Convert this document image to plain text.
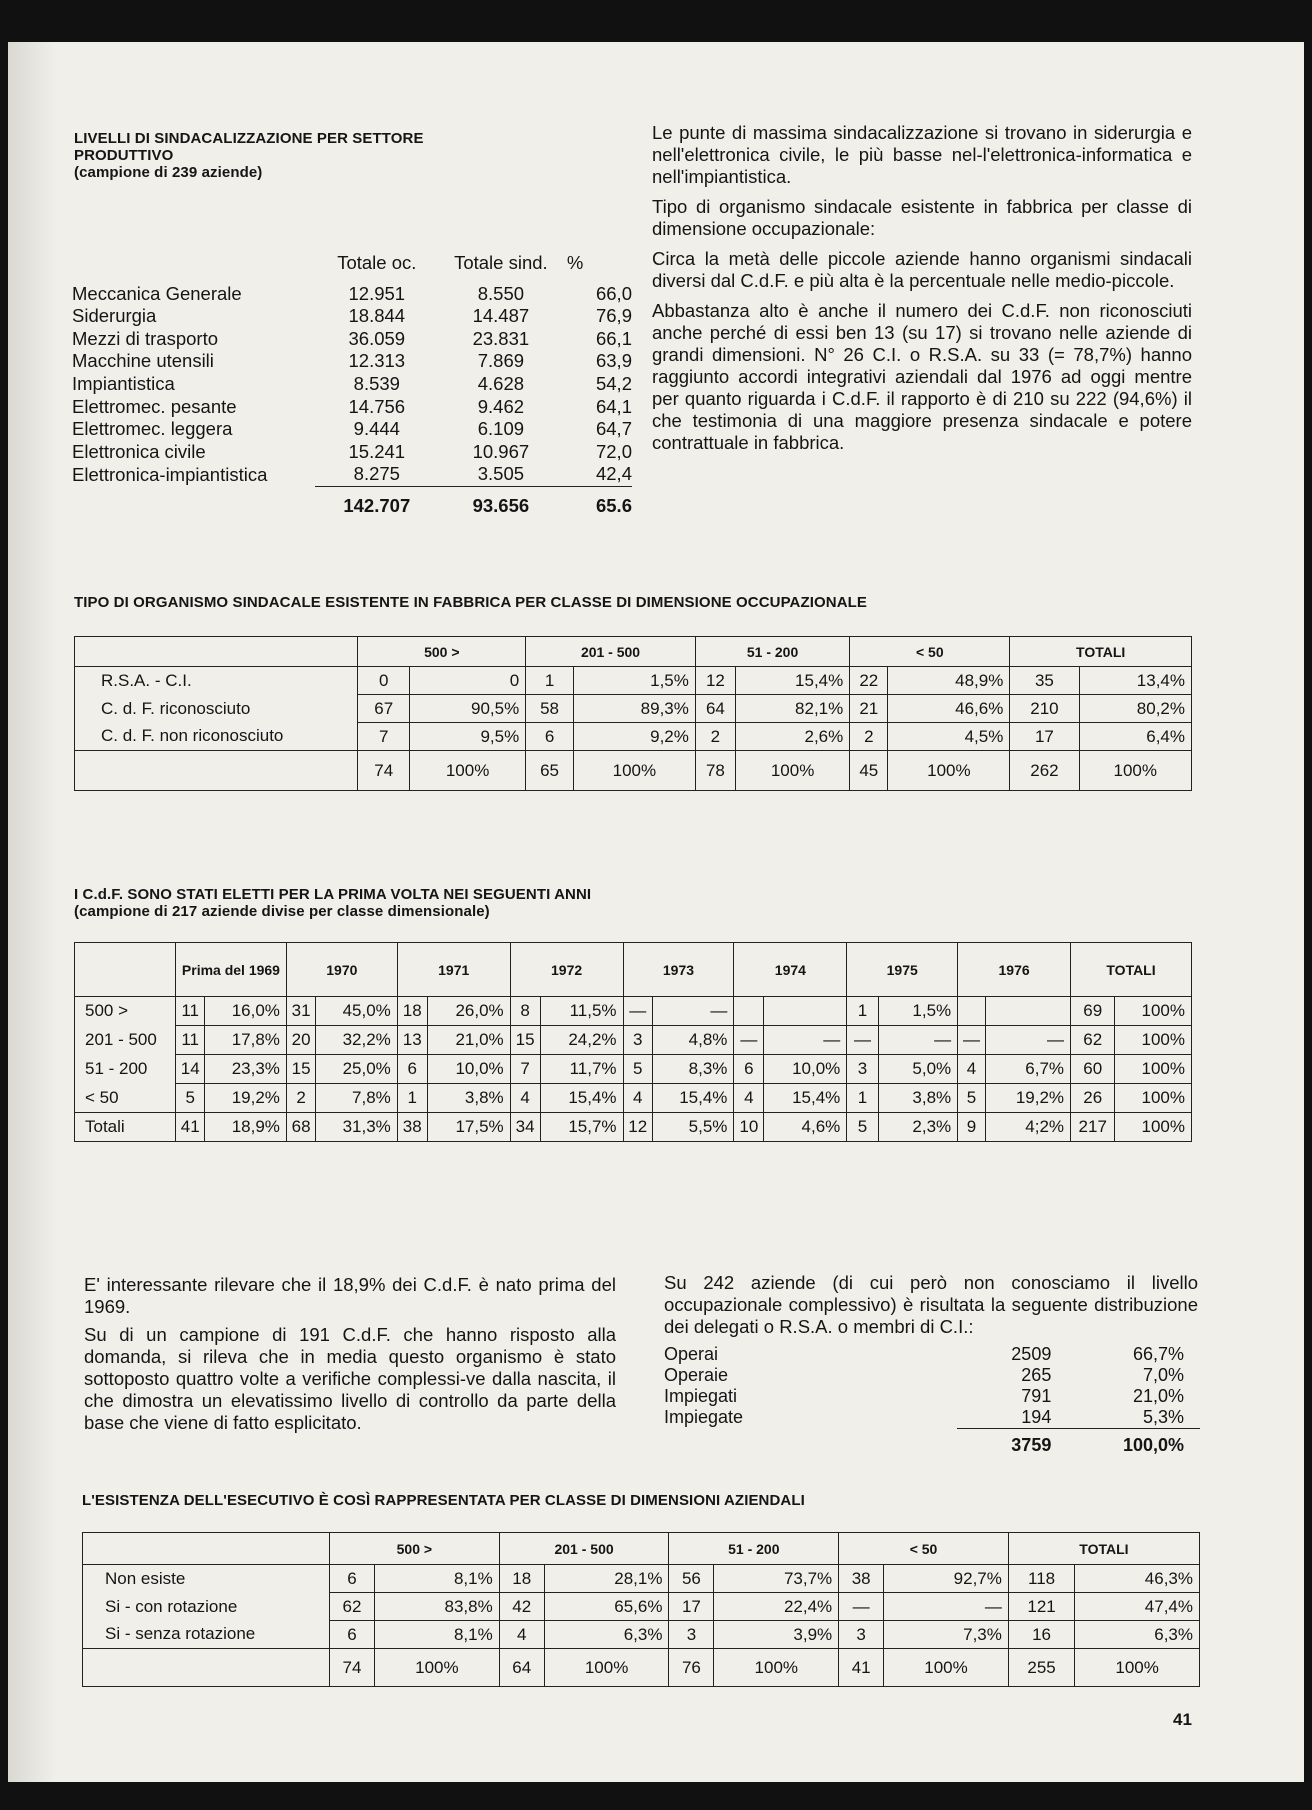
LIVELLI DI SINDACALIZZAZIONE PER SETTORE PRODUTTIVO
(campione di 239 aziende)
	Totale oc.	Totale sind.	%

Meccanica Generale	12.951	8.550	66,0
Siderurgia	18.844	14.487	76,9
Mezzi di trasporto	36.059	23.831	66,1
Macchine utensili	12.313	7.869	63,9
Impiantistica	8.539	4.628	54,2
Elettromec. pesante	14.756	9.462	64,1
Elettromec. leggera	9.444	6.109	64,7
Elettronica civile	15.241	10.967	72,0
Elettronica-impiantistica	8.275	3.505	42,4
	142.707	93.656	65.6

Le punte di massima sindacalizzazione si trovano in siderurgia e nell'elettronica civile, le più basse nel-l'elettronica-informatica e nell'impiantistica.

Tipo di organismo sindacale esistente in fabbrica per classe di dimensione occupazionale:

Circa la metà delle piccole aziende hanno organismi sindacali diversi dal C.d.F. e più alta è la percentuale nelle medio-piccole.

Abbastanza alto è anche il numero dei C.d.F. non riconosciuti anche perché di essi ben 13 (su 17) si trovano nelle aziende di grandi dimensioni. N° 26 C.I. o R.S.A. su 33 (= 78,7%) hanno raggiunto accordi integrativi aziendali dal 1976 ad oggi mentre per quanto riguarda i C.d.F. il rapporto è di 210 su 222 (94,6%) il che testimonia di una maggiore presenza sindacale e potere contrattuale in fabbrica.

TIPO DI ORGANISMO SINDACALE ESISTENTE IN FABBRICA PER CLASSE DI DIMENSIONE OCCUPAZIONALE
	500 >		201 - 500		51 - 200		< 50		TOTALI	
R.S.A. - C.I.	0	0	1	1,5%	12	15,4%	22	48,9%	35	13,4%
C. d. F. riconosciuto	67	90,5%	58	89,3%	64	82,1%	21	46,6%	210	80,2%
C. d. F. non riconosciuto	7	9,5%	6	9,2%	2	2,6%	2	4,5%	17	6,4%
	74	100%	65	100%	78	100%	45	100%	262	100%
I C.d.F. SONO STATI ELETTI PER LA PRIMA VOLTA NEI SEGUENTI ANNI
(campione di 217 aziende divise per classe dimensionale)
	Prima del 1969		1970		1971		1972		1973		1974		1975		1976		TOTALI	
500 >	11	16,0%	31	45,0%	18	26,0%	8	11,5%	—	—			1	1,5%			69	100%
201 - 500	11	17,8%	20	32,2%	13	21,0%	15	24,2%	3	4,8%	—	—	—	—	—	—	62	100%
51 - 200	14	23,3%	15	25,0%	6	10,0%	7	11,7%	5	8,3%	6	10,0%	3	5,0%	4	6,7%	60	100%
< 50	5	19,2%	2	7,8%	1	3,8%	4	15,4%	4	15,4%	4	15,4%	1	3,8%	5	19,2%	26	100%
Totali	41	18,9%	68	31,3%	38	17,5%	34	15,7%	12	5,5%	10	4,6%	5	2,3%	9	4;2%	217	100%

E' interessante rilevare che il 18,9% dei C.d.F. è nato prima del 1969.

Su di un campione di 191 C.d.F. che hanno risposto alla domanda, si rileva che in media questo organismo è stato sottoposto quattro volte a verifiche complessi-ve dalla nascita, il che dimostra un elevatissimo livello di controllo da parte della base che viene di fatto esplicitato.

Su 242 aziende (di cui però non conosciamo il livello occupazionale complessivo) è risultata la seguente distribuzione dei delegati o R.S.A. o membri di C.I.:
Operai	2509	66,7%
Operaie	265	7,0%
Impiegati	791	21,0%
Impiegate	194	5,3%
	3759	100,0%
L'ESISTENZA DELL'ESECUTIVO È COSÌ RAPPRESENTATA PER CLASSE DI DIMENSIONI AZIENDALI
	500 >		201 - 500		51 - 200		< 50		TOTALI	
Non esiste	6	8,1%	18	28,1%	56	73,7%	38	92,7%	118	46,3%
Si - con rotazione	62	83,8%	42	65,6%	17	22,4%	—	—	121	47,4%
Si - senza rotazione	6	8,1%	4	6,3%	3	3,9%	3	7,3%	16	6,3%
	74	100%	64	100%	76	100%	41	100%	255	100%
41
